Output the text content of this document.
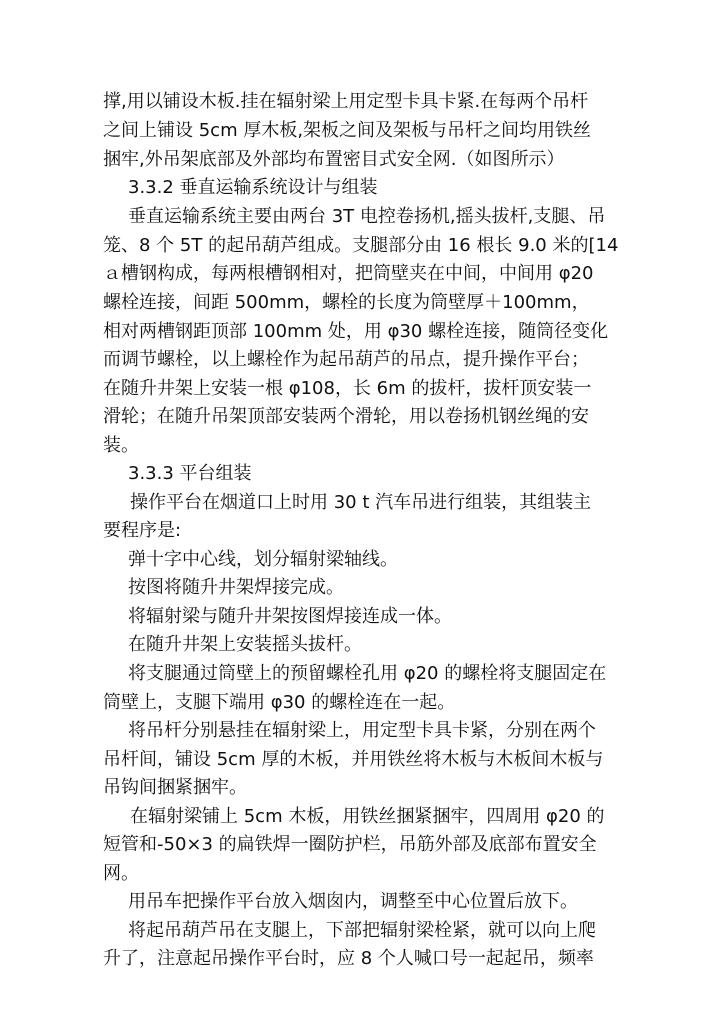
撑,用以铺设木板.挂在辐射梁上用定型卡具卡紧.在每两个吊杆
之间上铺设 5cm 厚木板,架板之间及架板与吊杆之间均用铁丝
捆牢,外吊架底部及外部均布置密目式安全网.（如图所示）
3.3.2 垂直运输系统设计与组装
垂直运输系统主要由两台 3T 电控卷扬机,摇头拔杆,支腿、吊
笼、8 个 5T 的起吊葫芦组成。支腿部分由 16 根长 9.0 米的[14
ａ槽钢构成，每两根槽钢相对，把筒壁夹在中间，中间用 φ20
螺栓连接，间距 500mm，螺栓的长度为筒壁厚＋100mm，
相对两槽钢距顶部 100mm 处，用 φ30 螺栓连接，随筒径变化
而调节螺栓，以上螺栓作为起吊葫芦的吊点，提升操作平台；
在随升井架上安装一根 φ108，长 6m 的拔杆，拔杆顶安装一
滑轮；在随升吊架顶部安装两个滑轮，用以卷扬机钢丝绳的安
装。
3.3.3 平台组装
操作平台在烟道口上时用 30 t 汽车吊进行组装，其组装主
要程序是:
弹十字中心线，划分辐射梁轴线。
按图将随升井架焊接完成。
将辐射梁与随升井架按图焊接连成一体。
在随升井架上安装摇头拔杆。
将支腿通过筒壁上的预留螺栓孔用 φ20 的螺栓将支腿固定在
筒壁上，支腿下端用 φ30 的螺栓连在一起。
将吊杆分别悬挂在辐射梁上，用定型卡具卡紧，分别在两个
吊杆间，铺设 5cm 厚的木板，并用铁丝将木板与木板间木板与
吊钩间捆紧捆牢。
在辐射梁铺上 5cm 木板，用铁丝捆紧捆牢，四周用 φ20 的
短管和-50×3 的扁铁焊一圈防护栏，吊筋外部及底部布置安全
网。
用吊车把操作平台放入烟囱内，调整至中心位置后放下。
将起吊葫芦吊在支腿上，下部把辐射梁栓紧，就可以向上爬
升了，注意起吊操作平台时，应 8 个人喊口号一起起吊，频率
